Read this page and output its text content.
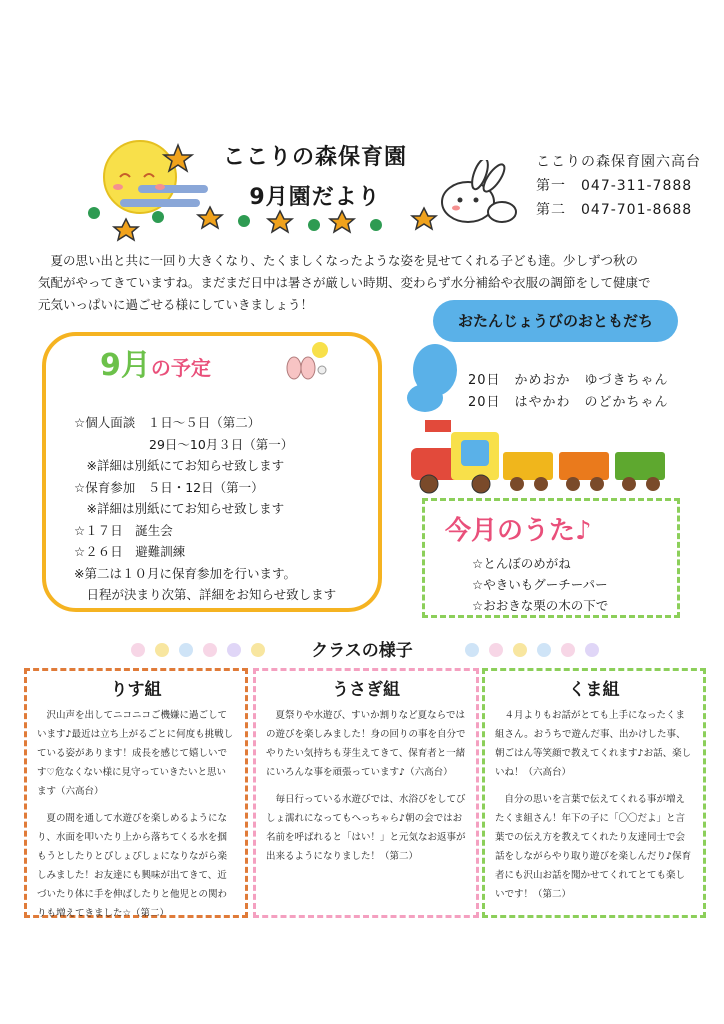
ここりの森保育園
9月園だより
ここりの森保育園六高台
第一　047-311-7888
第二　047-701-8688

　夏の思い出と共に一回り大きくなり、たくましくなったような姿を見せてくれる子ども達。少しずつ秋の

気配がやってきていますね。まだまだ日中は暑さが厳しい時期、変わらず水分補給や衣服の調節をして健康で

元気いっぱいに過ごせる様にしていきましょう！

9月の予定
☆個人面談　１日～５日（第二）
　　　　　　29日～10月３日（第一）
　※詳細は別紙にてお知らせ致します
☆保育参加　５日・12日（第一）
　※詳細は別紙にてお知らせ致します
☆１７日　誕生会
☆２６日　避難訓練
※第二は１０月に保育参加を行います。
　日程が決まり次第、詳細をお知らせ致します
おたんじょうびのおともだち
20日　かめおか　ゆづきちゃん
20日　はやかわ　のどかちゃん
今月のうた♪
☆とんぼのめがね
☆やきいもグーチーパー
☆おおきな栗の木の下で
クラスの様子
りす組

　沢山声を出してニコニコご機嫌に過ごしています♪最近は立ち上がるごとに何度も挑戦している姿があります！成長を感じて嬉しいです♡危なくない様に見守っていきたいと思います（六高台）

　夏の間を通して水遊びを楽しめるようになり、水面を叩いたり上から落ちてくる水を掴もうとしたりとぴしょぴしょになりながら楽しみました！お友達にも興味が出てきて、近づいたり体に手を伸ばしたりと他児との関わりも増えてきました☆（第二）

うさぎ組

　夏祭りや水遊び、すいか割りなど夏ならではの遊びを楽しみました！身の回りの事を自分でやりたい気持ちも芽生えてきて、保育者と一緒にいろんな事を頑張っています♪（六高台）

　毎日行っている水遊びでは、水浴びをしてびしょ濡れになってもへっちゃら♪朝の会ではお名前を呼ばれると「はい！」と元気なお返事が出来るようになりました！（第二）

くま組

　４月よりもお話がとても上手になったくま組さん。おうちで遊んだ事、出かけした事、朝ごはん等笑顔で教えてくれます♪お話、楽しいね！（六高台）

　自分の思いを言葉で伝えてくれる事が増えたくま組さん！年下の子に「〇〇だよ」と言葉での伝え方を教えてくれたり友達同士で会話をしながらやり取り遊びを楽しんだり♪保育者にも沢山お話を聞かせてくれてとても楽しいです！（第二）
